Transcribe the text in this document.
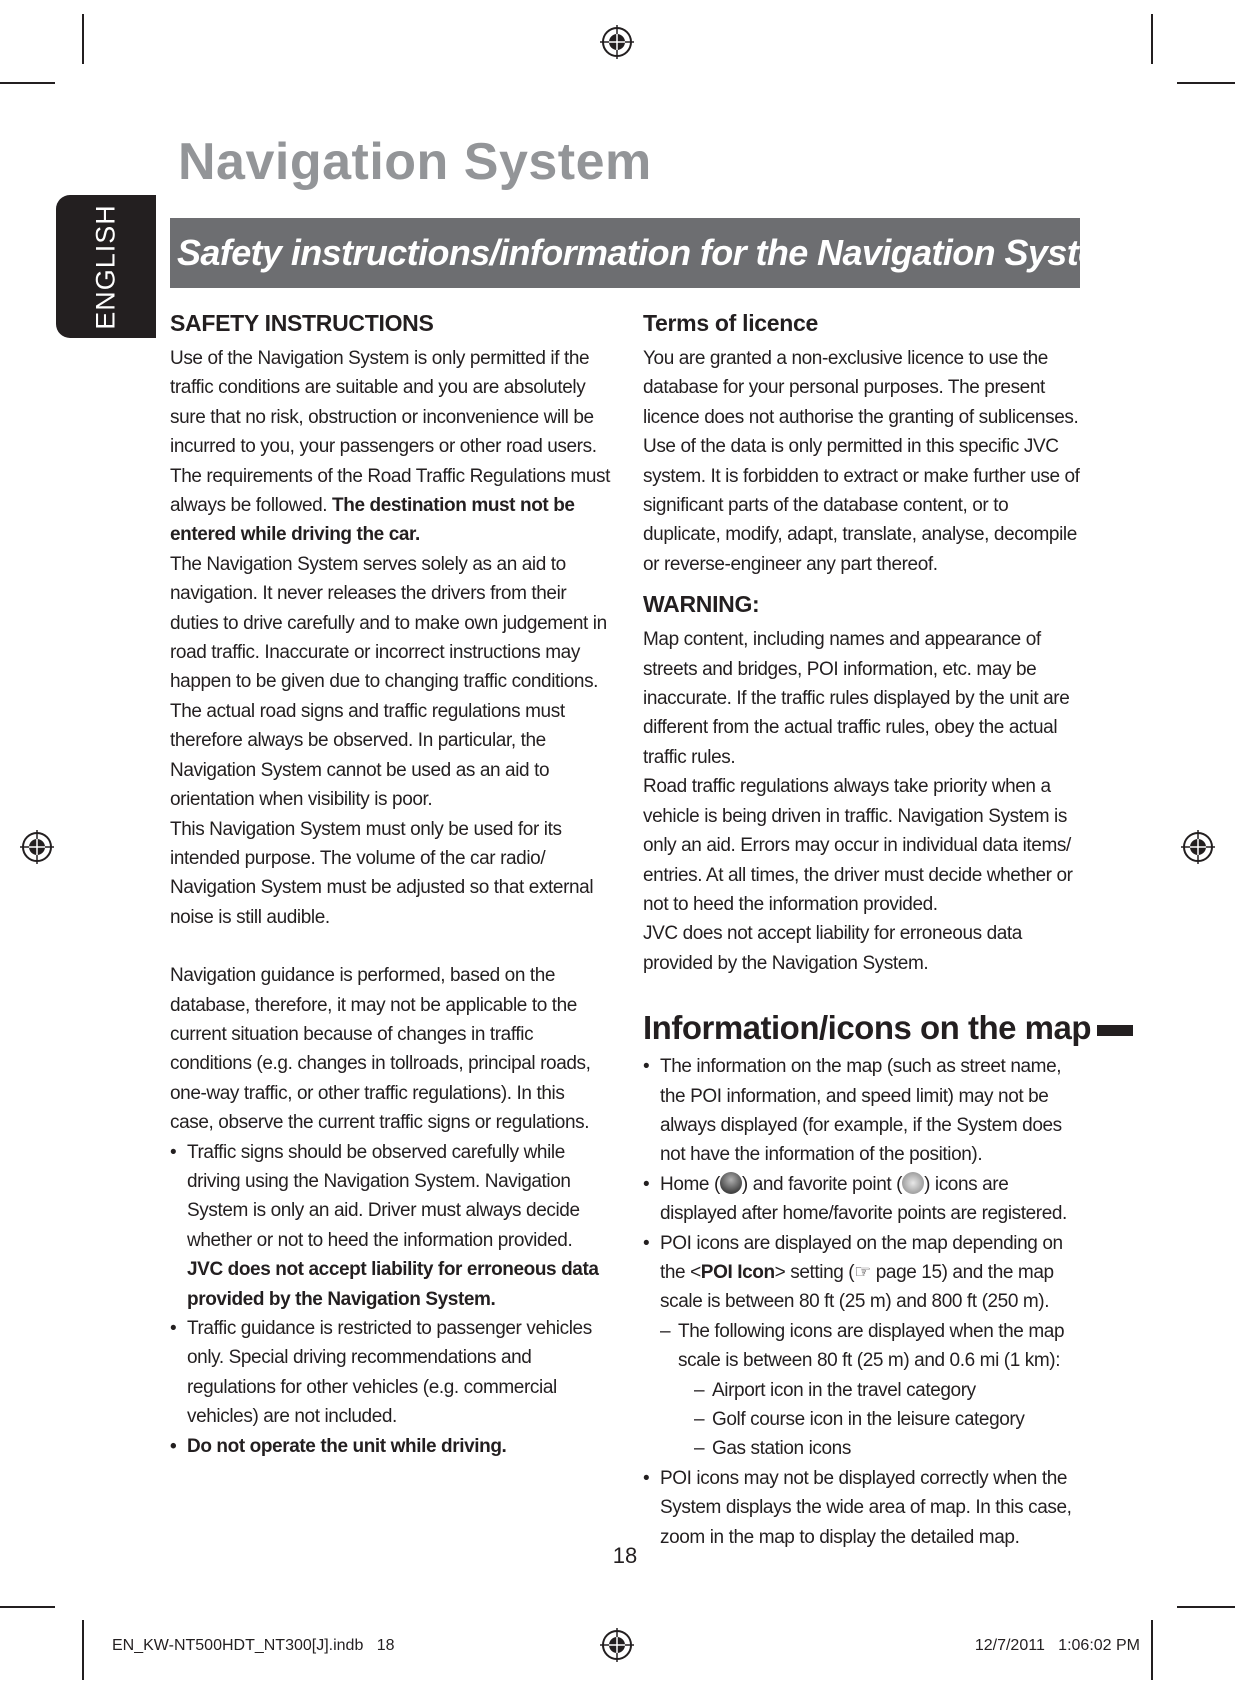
ENGLISH
Navigation System
Safety instructions/information for the Navigation System
SAFETY INSTRUCTIONS

Use of the Navigation System is only permitted if the traffic conditions are suitable and you are absolutely sure that no risk, obstruction or inconvenience will be incurred to you, your passengers or other road users. The requirements of the Road Traffic Regulations must always be followed. The destination must not be entered while driving the car.

The Navigation System serves solely as an aid to navigation. It never releases the drivers from their duties to drive carefully and to make own judgement in road traffic. Inaccurate or incorrect instructions may happen to be given due to changing traffic conditions. The actual road signs and traffic regulations must therefore always be observed. In particular, the Navigation System cannot be used as an aid to orientation when visibility is poor.

This Navigation System must only be used for its intended purpose. The volume of the car radio/ Navigation System must be adjusted so that external noise is still audible.

Navigation guidance is performed, based on the database, therefore, it may not be applicable to the current situation because of changes in traffic conditions (e.g. changes in tollroads, principal roads, one-way traffic, or other traffic regulations). In this case, observe the current traffic signs or regulations.

• Traffic signs should be observed carefully while driving using the Navigation System. Navigation System is only an aid. Driver must always decide whether or not to heed the information provided.
JVC does not accept liability for erroneous data provided by the Navigation System.
• Traffic guidance is restricted to passenger vehicles only. Special driving recommendations and regulations for other vehicles (e.g. commercial vehicles) are not included.
• Do not operate the unit while driving.
Terms of licence

You are granted a non-exclusive licence to use the database for your personal purposes. The present licence does not authorise the granting of sublicenses. Use of the data is only permitted in this specific JVC system. It is forbidden to extract or make further use of significant parts of the database content, or to duplicate, modify, adapt, translate, analyse, decompile or reverse-engineer any part thereof.

WARNING:

Map content, including names and appearance of streets and bridges, POI information, etc. may be inaccurate. If the traffic rules displayed by the unit are different from the actual traffic rules, obey the actual traffic rules.

Road traffic regulations always take priority when a vehicle is being driven in traffic. Navigation System is only an aid. Errors may occur in individual data items/ entries. At all times, the driver must decide whether or not to heed the information provided.

JVC does not accept liability for erroneous data provided by the Navigation System.

Information/icons on the map
• The information on the map (such as street name, the POI information, and speed limit) may not be always displayed (for example, if the System does not have the information of the position).
• Home ( ) and favorite point ( ) icons are displayed after home/favorite points are registered.
• POI icons are displayed on the map depending on the <POI Icon> setting (☞ page 15) and the map scale is between 80 ft (25 m) and 800 ft (250 m).
– The following icons are displayed when the map scale is between 80 ft (25 m) and 0.6 mi (1 km):
– Airport icon in the travel category
– Golf course icon in the leisure category
– Gas station icons
• POI icons may not be displayed correctly when the System displays the wide area of map. In this case, zoom in the map to display the detailed map.
18
EN_KW-NT500HDT_NT300[J].indb   18	12/7/2011   1:06:02 PM
